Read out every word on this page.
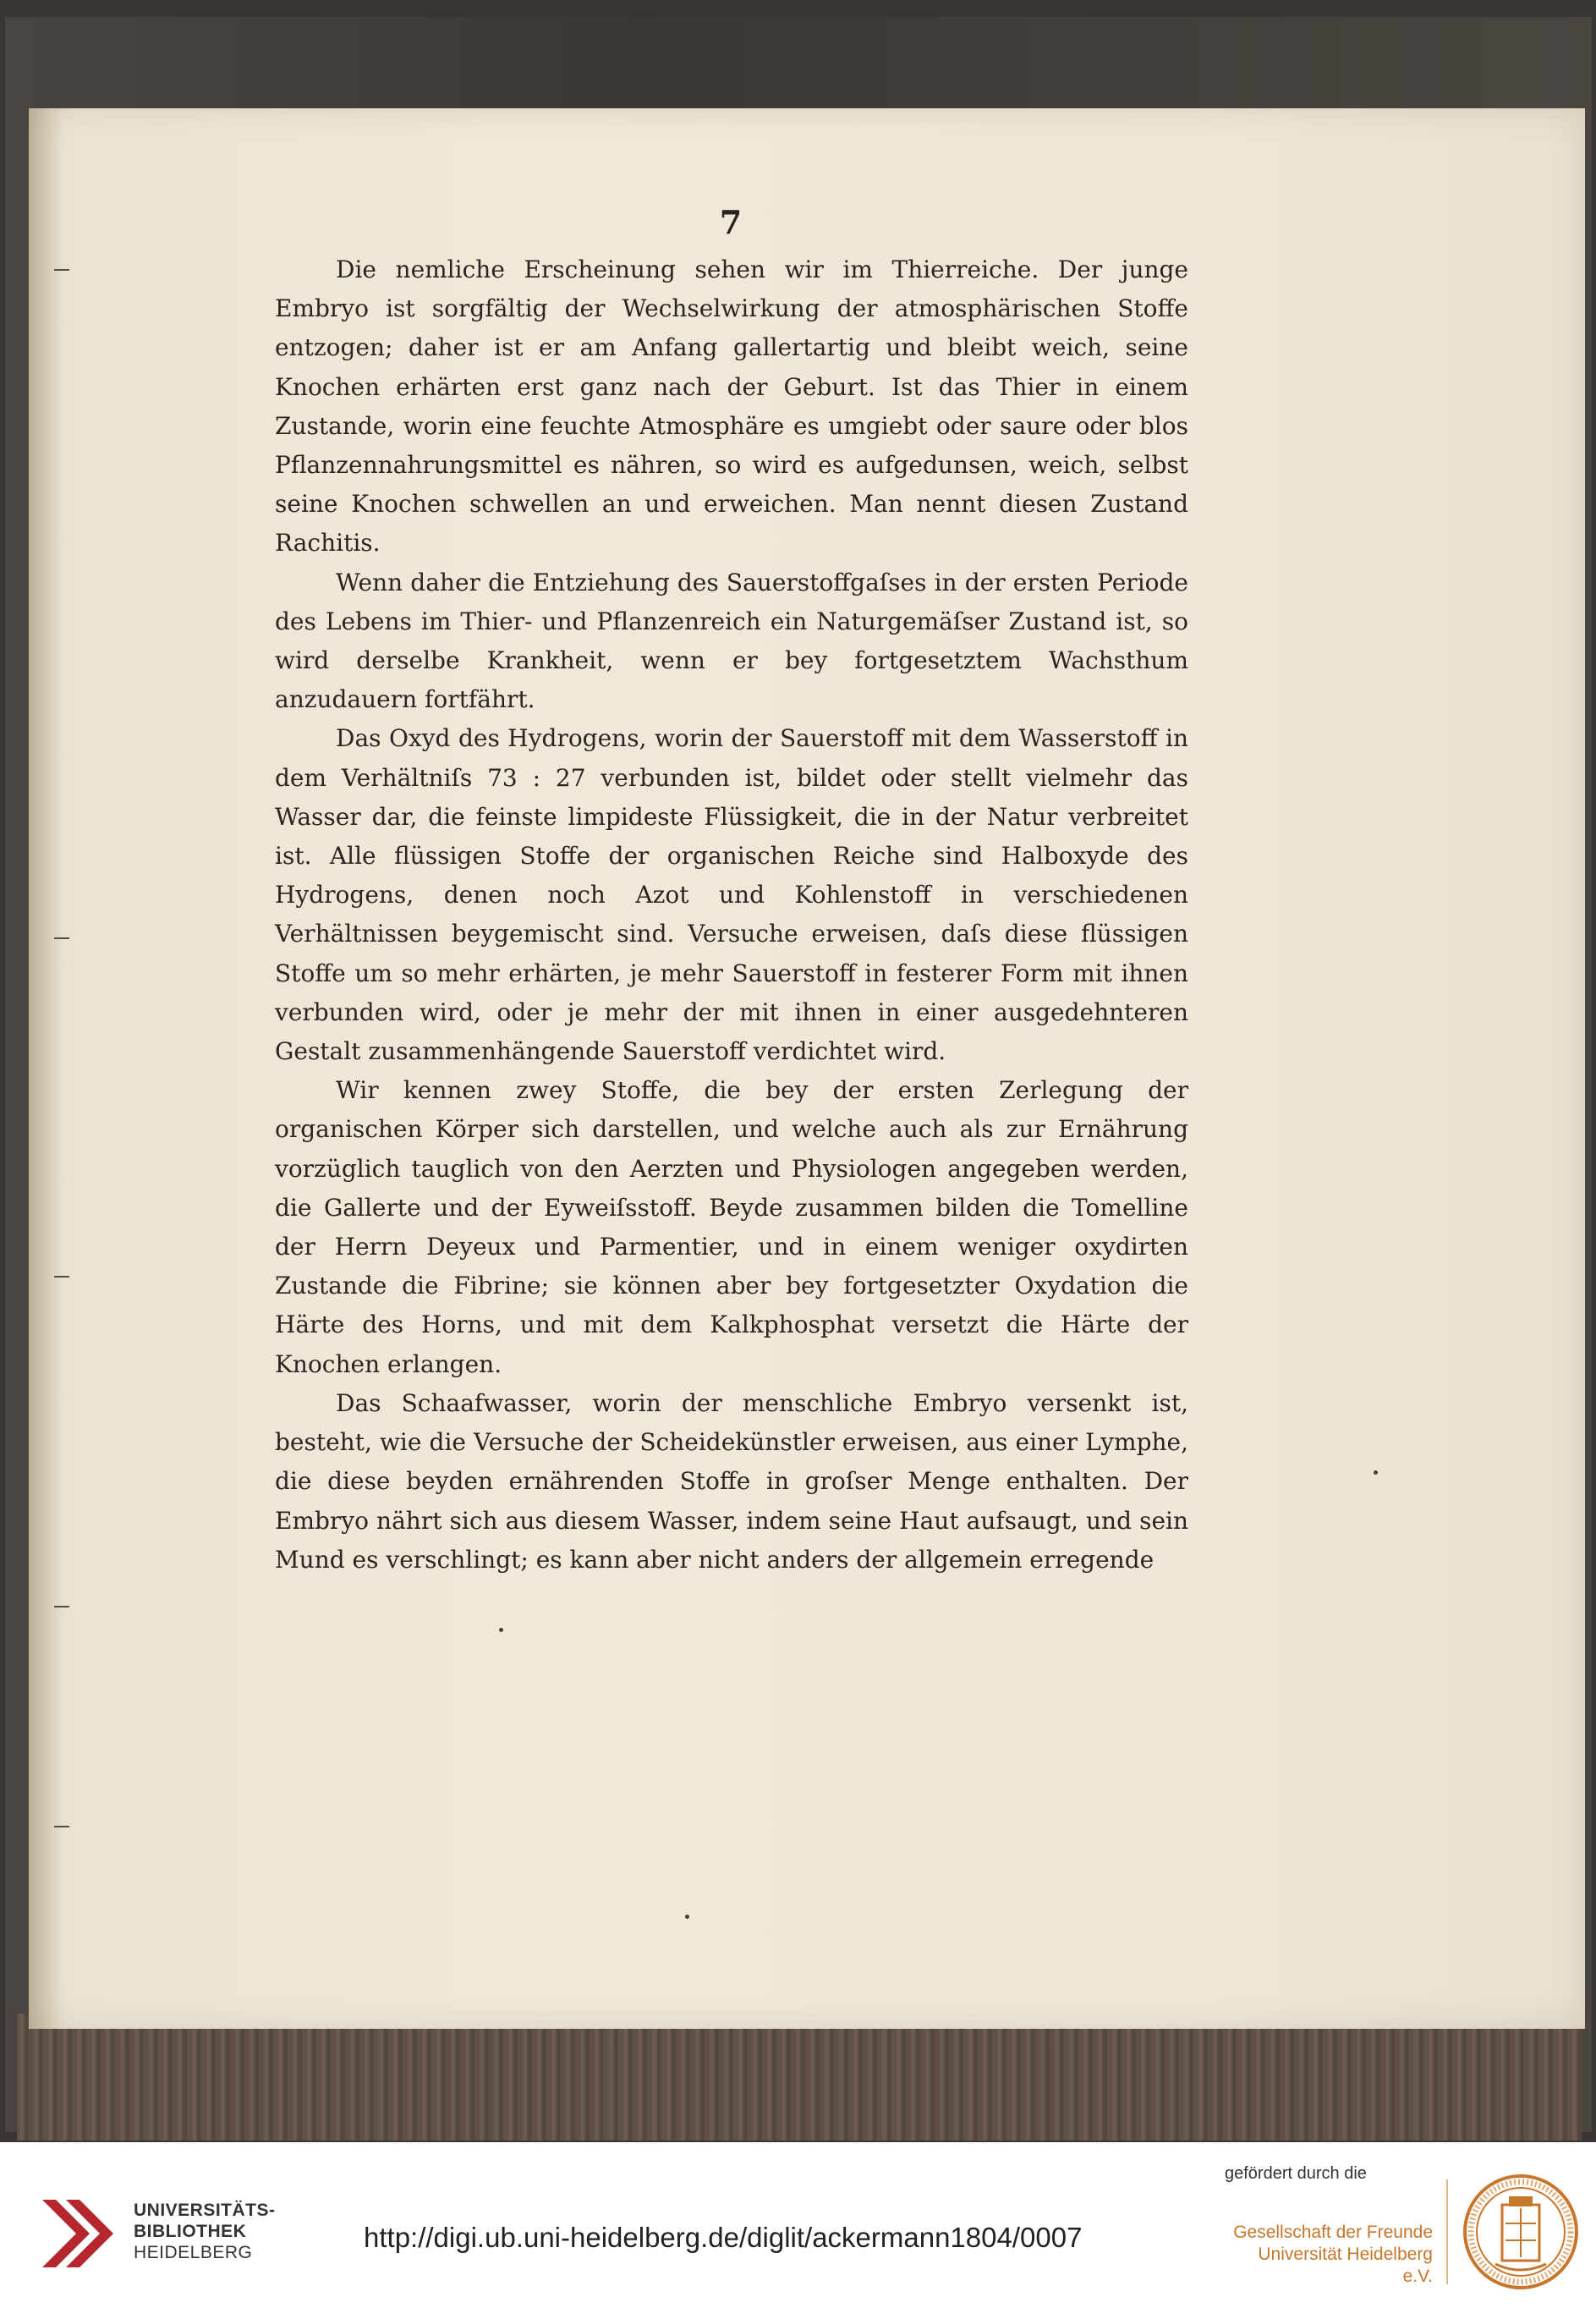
7

Die nemliche Erscheinung sehen wir im Thierreiche. Der junge Embryo ist sorgfältig der Wechselwirkung der atmosphärischen Stoffe entzogen; daher ist er am Anfang gallertartig und bleibt weich, seine Knochen erhärten erst ganz nach der Geburt. Ist das Thier in einem Zustande, worin eine feuchte Atmosphäre es umgiebt oder saure oder blos Pflanzennahrungsmittel es nähren, so wird es aufgedunsen, weich, selbst seine Knochen schwellen an und erweichen. Man nennt diesen Zustand Rachitis.

Wenn daher die Entziehung des Sauerstoffgaſses in der ersten Periode des Lebens im Thier- und Pflanzenreich ein Naturgemäſser Zustand ist, so wird derselbe Krankheit, wenn er bey fortgesetztem Wachsthum anzudauern fortfährt.

Das Oxyd des Hydrogens, worin der Sauerstoff mit dem Wasserstoff in dem Verhältniſs 73 : 27 verbunden ist, bildet oder stellt vielmehr das Wasser dar, die feinste limpideste Flüssigkeit, die in der Natur verbreitet ist. Alle flüssigen Stoffe der organischen Reiche sind Halboxyde des Hydrogens, denen noch Azot und Kohlenstoff in verschiedenen Verhältnissen beygemischt sind. Versuche erweisen, daſs diese flüssigen Stoffe um so mehr erhärten, je mehr Sauerstoff in festerer Form mit ihnen verbunden wird, oder je mehr der mit ihnen in einer ausgedehnteren Gestalt zusammenhängende Sauerstoff verdichtet wird.

Wir kennen zwey Stoffe, die bey der ersten Zerlegung der organischen Körper sich darstellen, und welche auch als zur Ernährung vorzüglich tauglich von den Aerzten und Physiologen angegeben werden, die Gallerte und der Eyweiſsstoff. Beyde zusammen bilden die Tomelline der Herrn Deyeux und Parmentier, und in einem weniger oxydirten Zustande die Fibrine; sie können aber bey fortgesetzter Oxydation die Härte des Horns, und mit dem Kalkphosphat versetzt die Härte der Knochen erlangen.

Das Schaafwasser, worin der menschliche Embryo versenkt ist, besteht, wie die Versuche der Scheidekünstler erweisen, aus einer Lymphe, die diese beyden ernährenden Stoffe in groſser Menge enthalten. Der Embryo nährt sich aus diesem Wasser, indem seine Haut aufsaugt, und sein Mund es verschlingt; es kann aber nicht anders der allgemein erregende

UNIVERSITÄTS-
BIBLIOTHEK
HEIDELBERG	http://digi.ub.uni-heidelberg.de/diglit/ackermann1804/0007
gefördert durch die
Gesellschaft der Freunde
Universität Heidelberg e.V.
